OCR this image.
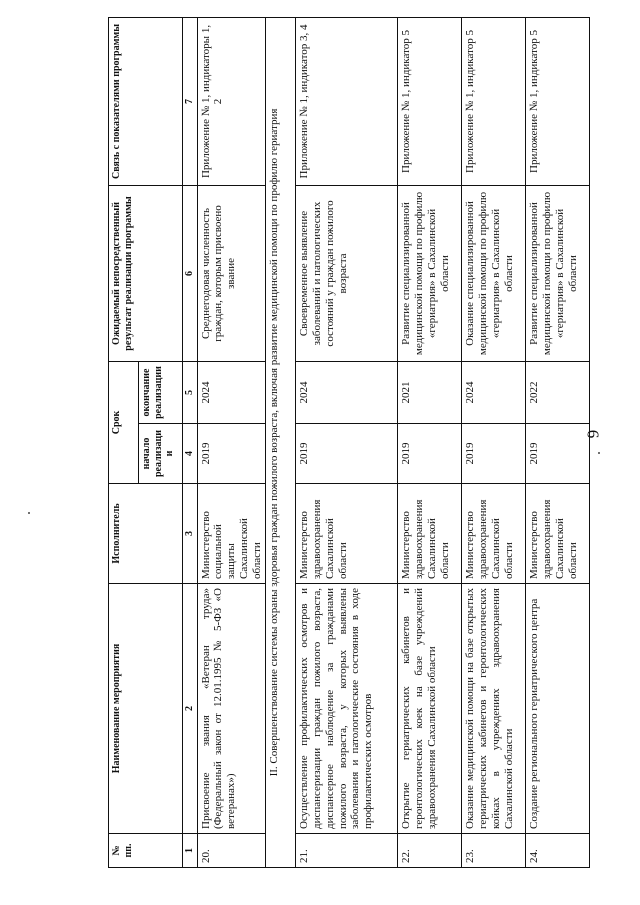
6
№ пп.	Наименование мероприятия	Исполнитель	Срок		Ожидаемый непосредственный результат реализации программы	Связь с показателями программы
			начало реализации	окончание реализации		
1	2	3	4	5	6	7
20.	Присвоение звания «Ветеран труда» (Федеральный закон от 12.01.1995 № 5-ФЗ «О ветеранах»)	Министерство социальной защиты Сахалинской области	2019	2024	Среднегодовая численность граждан, которым присвоено звание	Приложение № 1, индикаторы 1, 2
II. Совершенствование системы охраны здоровья граждан пожилого возраста, включая развитие медицинской помощи по профилю гериатрия						
21.	Осуществление профилактических осмотров и диспансеризации граждан пожилого возраста, диспансерное наблюдение за гражданами пожилого возраста, у которых выявлены заболевания и патологические состояния в ходе профилактических осмотров	Министерство здравоохранения Сахалинской области	2019	2024	Своевременное выявление заболеваний и патологических состояний у граждан пожилого возраста	Приложение № 1, индикатор 3, 4
22.	Открытие гериатрических кабинетов и геронтологических коек на базе учреждений здравоохранения Сахалинской области	Министерство здравоохранения Сахалинской области	2019	2021	Развитие специализированной медицинской помощи по профилю «гериатрия» в Сахалинской области	Приложение № 1, индикатор 5
23.	Оказание медицинской помощи на базе открытых гериатрических кабинетов и геронтологических койках в учреждениях здравоохранения Сахалинской области	Министерство здравоохранения Сахалинской области	2019	2024	Оказание специализированной медицинской помощи по профилю «гериатрия» в Сахалинской области	Приложение № 1, индикатор 5
24.	Создание регионального гериатрического центра	Министерство здравоохранения Сахалинской области	2019	2022	Развитие специализированной медицинской помощи по профилю «гериатрия» в Сахалинской области	Приложение № 1, индикатор 5
